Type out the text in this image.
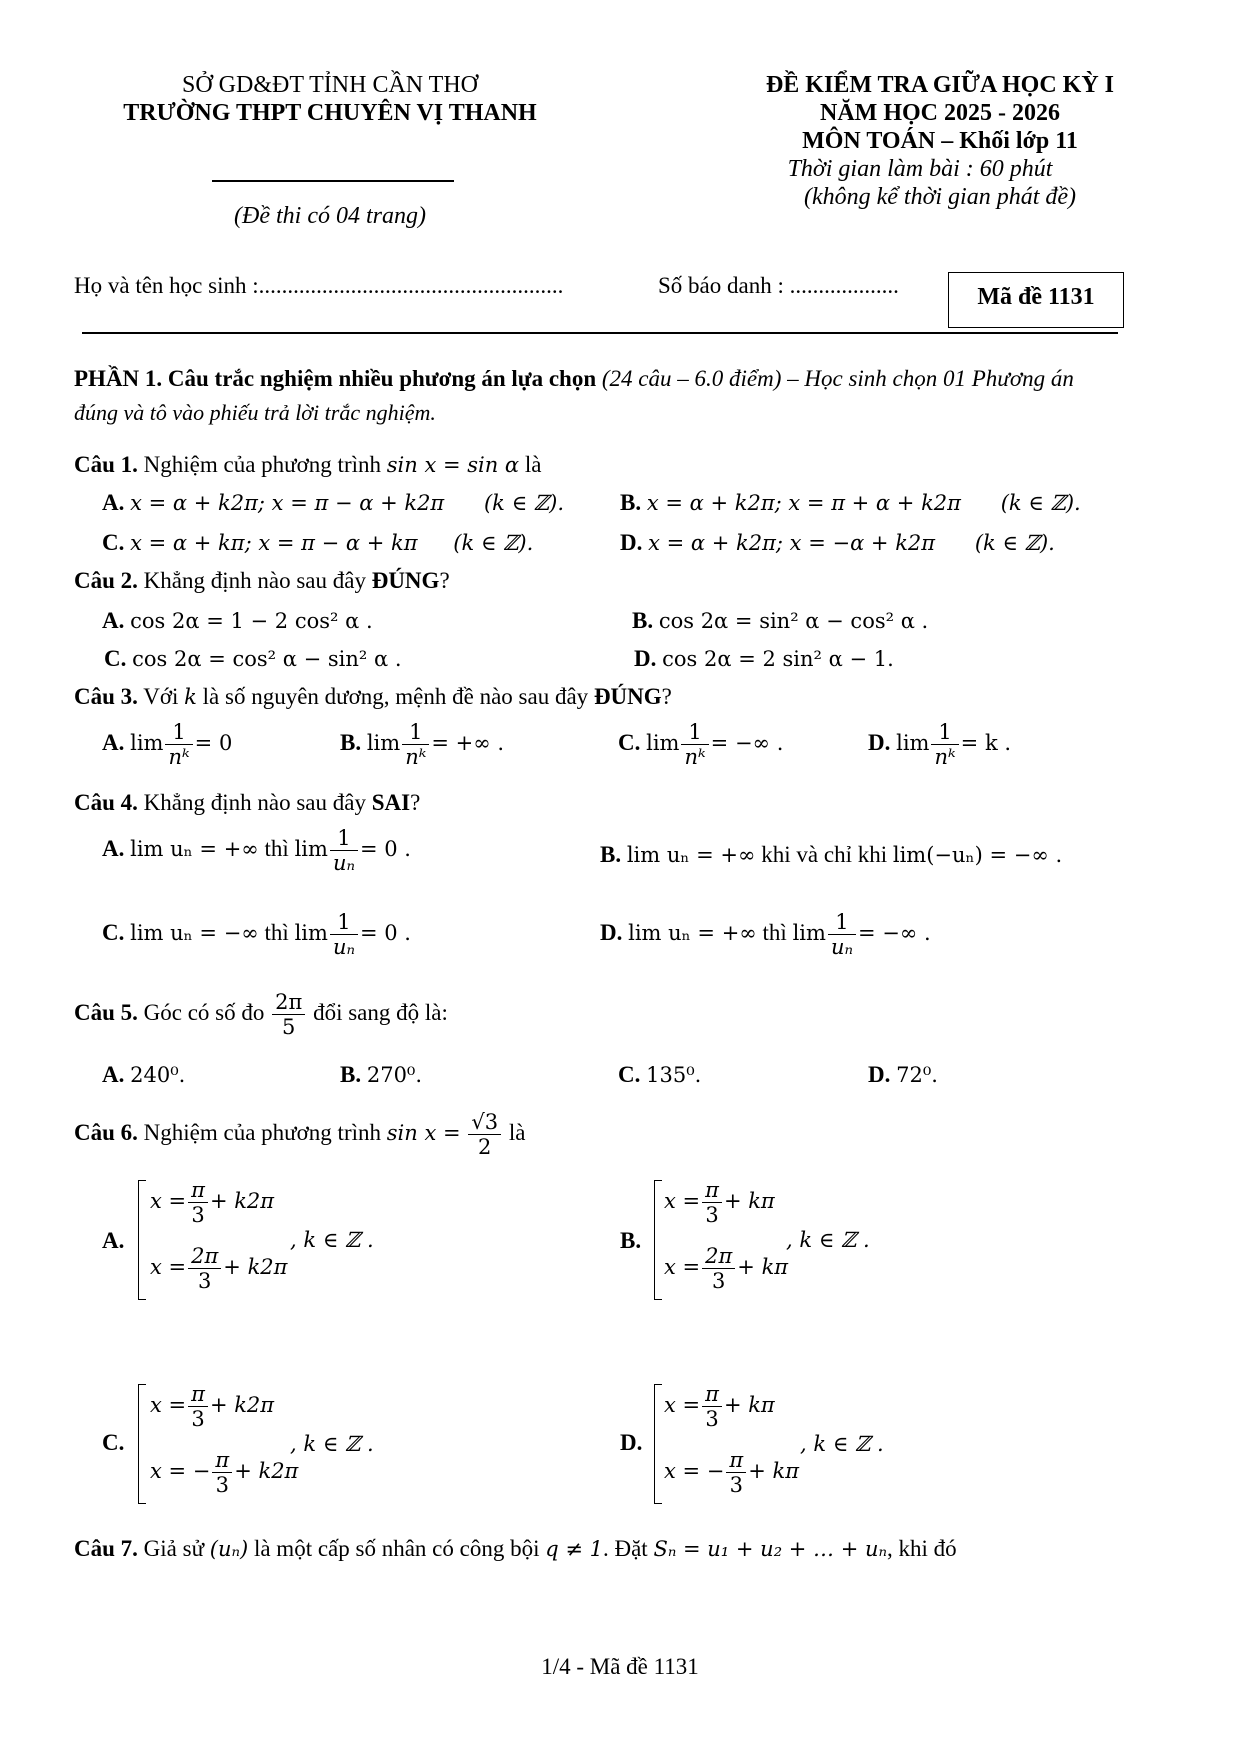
SỞ GD&ĐT TỈNH CẦN THƠ
TRƯỜNG THPT CHUYÊN VỊ THANH
(Đề thi có 04 trang)
ĐỀ KIỂM TRA GIỮA HỌC KỲ I
NĂM HỌC 2025 - 2026
MÔN TOÁN – Khối lớp 11
Thời gian làm bài : 60 phút
(không kể thời gian phát đề)
Họ và tên học sinh :.....................................................	Số báo danh : ...................	Mã đề 1131
PHẦN 1. Câu trắc nghiệm nhiều phương án lựa chọn (24 câu – 6.0 điểm) – Học sinh chọn 01 Phương án
đúng và tô vào phiếu trả lời trắc nghiệm.
Câu 1. Nghiệm của phương trình sin x = sin α là
A. x = α + k2π; x = π − α + k2π (k ∈ ℤ). B. x = α + k2π; x = π + α + k2π (k ∈ ℤ).
C. x = α + kπ; x = π − α + kπ (k ∈ ℤ).	D. x = α + k2π; x = −α + k2π (k ∈ ℤ).
Câu 2. Khẳng định nào sau đây ĐÚNG?
A. cos 2α = 1 − 2 cos² α .	B. cos 2α = sin² α − cos² α .
C. cos 2α = cos² α − sin² α .	D. cos 2α = 2 sin² α − 1.
Câu 3. Với k là số nguyên dương, mệnh đề nào sau đây ĐÚNG?
A. $\lim \frac{1}{\text{nᵏ}} = 0$	B. $\lim \frac{1}{\text{nᵏ}}$ = +∞ .	C. $\lim \frac{1}{\text{nᵏ}}$ = −∞ .	D. $\lim \frac{1}{\text{nᵏ}} = k$ .
Câu 4. Khẳng định nào sau đây SAI?
A. lim uₙ = +∞ thì $\lim \frac{1}{\text{uₙ}} = 0$ .	B. lim uₙ = +∞ khi và chỉ khi lim(−uₙ) = −∞ .
C. lim uₙ = −∞ thì $\lim \frac{1}{\text{uₙ}} = 0$ .	D. lim uₙ = +∞ thì $\lim \frac{1}{\text{uₙ}}$ = −∞ .
Câu 5. Góc có số đo $\frac{2\pi}{5}$ đổi sang độ là:
A. 240⁰.	B. 270⁰.	C. 135⁰.	D. 72⁰.
Câu 6. Nghiệm của phương trình $\sin x = \frac{√3}{2}$ là
A.
$x = \frac{\pi}{3} + k2\pi$
$x = \frac{2\pi}{3} + k2\pi$
, k ∈ ℤ .	B.
$x = \frac{\pi}{3} + k\pi$
$x = \frac{2\pi}{3} + k\pi$
, k ∈ ℤ .
C.
$x = \frac{\pi}{3} + k2\pi$
x = − $\frac{\pi}{3} + k2\pi$
, k ∈ ℤ .	D.
$x = \frac{\pi}{3} + k\pi$
x = − $\frac{\pi}{3} + k\pi$
, k ∈ ℤ .
Câu 7. Giả sử (uₙ) là một cấp số nhân có công bội q ≠ 1. Đặt Sₙ = u₁ + u₂ + … + uₙ, khi đó
1/4 - Mã đề 1131
